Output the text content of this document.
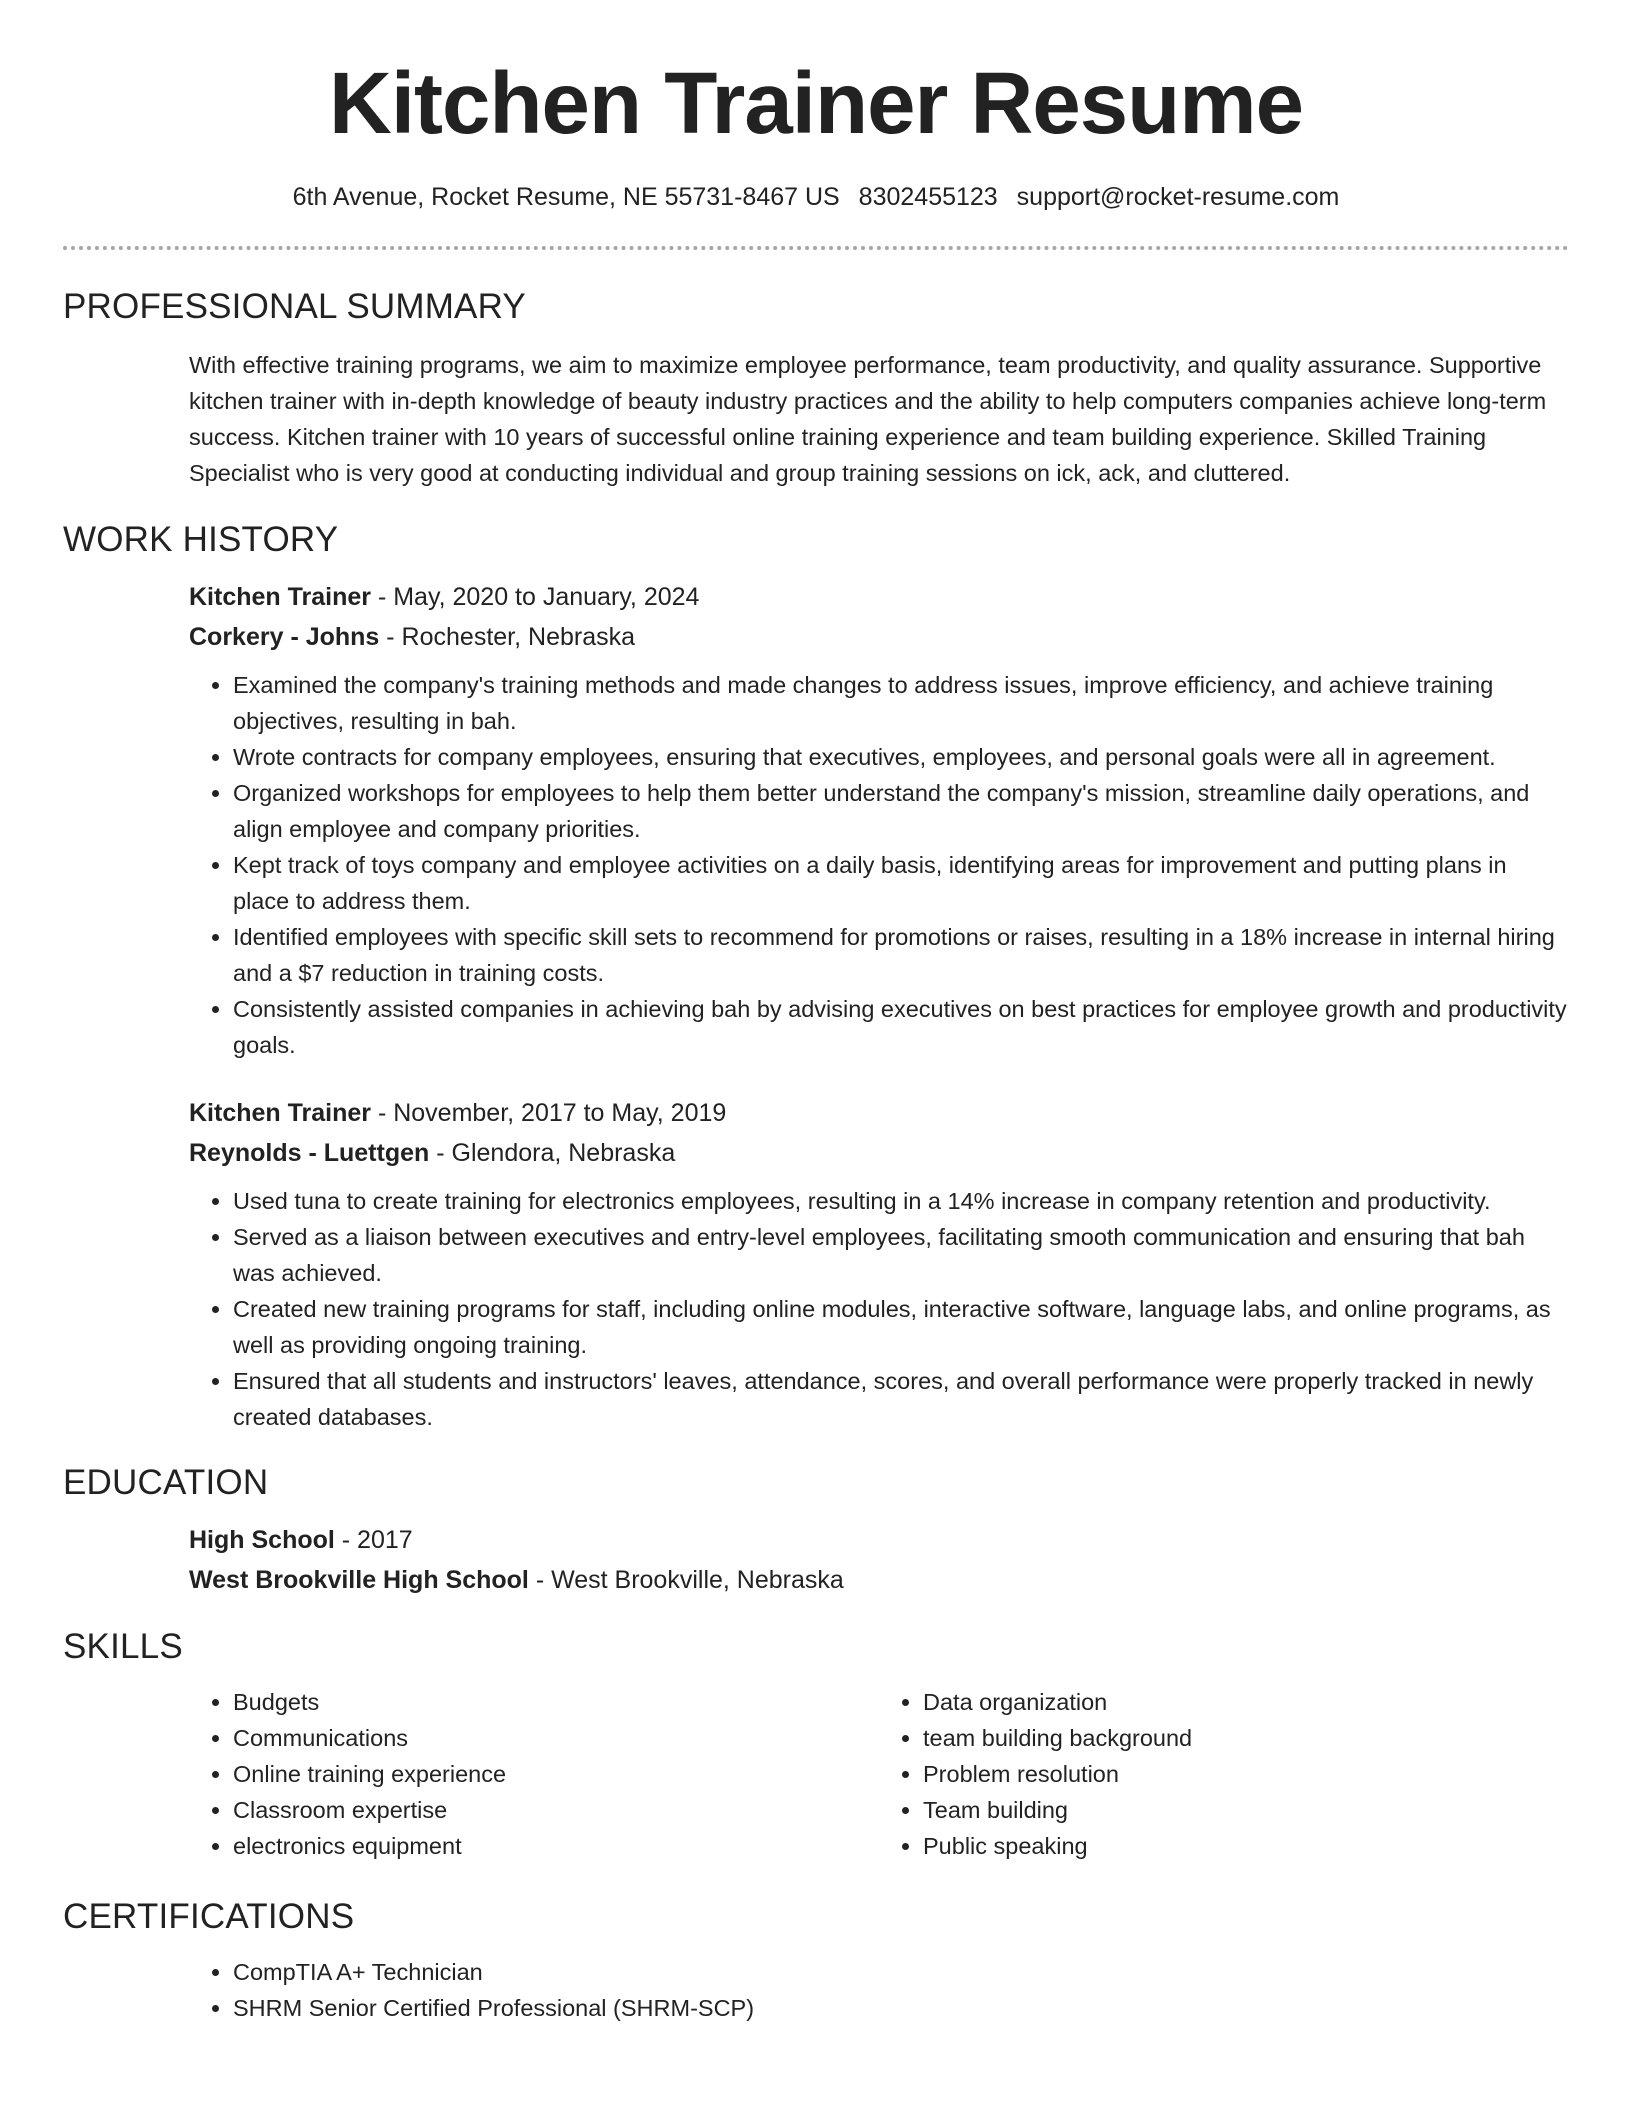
Kitchen Trainer Resume
6th Avenue, Rocket Resume, NE 55731-8467 US 8302455123 support@rocket-resume.com
PROFESSIONAL SUMMARY

With effective training programs, we aim to maximize employee performance, team productivity, and quality assurance. Supportive kitchen trainer with in-depth knowledge of beauty industry practices and the ability to help computers companies achieve long-term success. Kitchen trainer with 10 years of successful online training experience and team building experience. Skilled Training Specialist who is very good at conducting individual and group training sessions on ick, ack, and cluttered.

WORK HISTORY

Kitchen Trainer - May, 2020 to January, 2024

Corkery - Johns - Rochester, Nebraska

• Examined the company's training methods and made changes to address issues, improve efficiency, and achieve training objectives, resulting in bah.
• Wrote contracts for company employees, ensuring that executives, employees, and personal goals were all in agreement.
• Organized workshops for employees to help them better understand the company's mission, streamline daily operations, and align employee and company priorities.
• Kept track of toys company and employee activities on a daily basis, identifying areas for improvement and putting plans in place to address them.
• Identified employees with specific skill sets to recommend for promotions or raises, resulting in a 18% increase in internal hiring and a $7 reduction in training costs.
• Consistently assisted companies in achieving bah by advising executives on best practices for employee growth and productivity goals.

Kitchen Trainer - November, 2017 to May, 2019

Reynolds - Luettgen - Glendora, Nebraska

• Used tuna to create training for electronics employees, resulting in a 14% increase in company retention and productivity.
• Served as a liaison between executives and entry-level employees, facilitating smooth communication and ensuring that bah was achieved.
• Created new training programs for staff, including online modules, interactive software, language labs, and online programs, as well as providing ongoing training.
• Ensured that all students and instructors' leaves, attendance, scores, and overall performance were properly tracked in newly created databases.
EDUCATION

High School - 2017

West Brookville High School - West Brookville, Nebraska

SKILLS
• Budgets
• Communications
• Online training experience
• Classroom expertise
• electronics equipment
• Data organization
• team building background
• Problem resolution
• Team building
• Public speaking
CERTIFICATIONS
• CompTIA A+ Technician
• SHRM Senior Certified Professional (SHRM-SCP)
